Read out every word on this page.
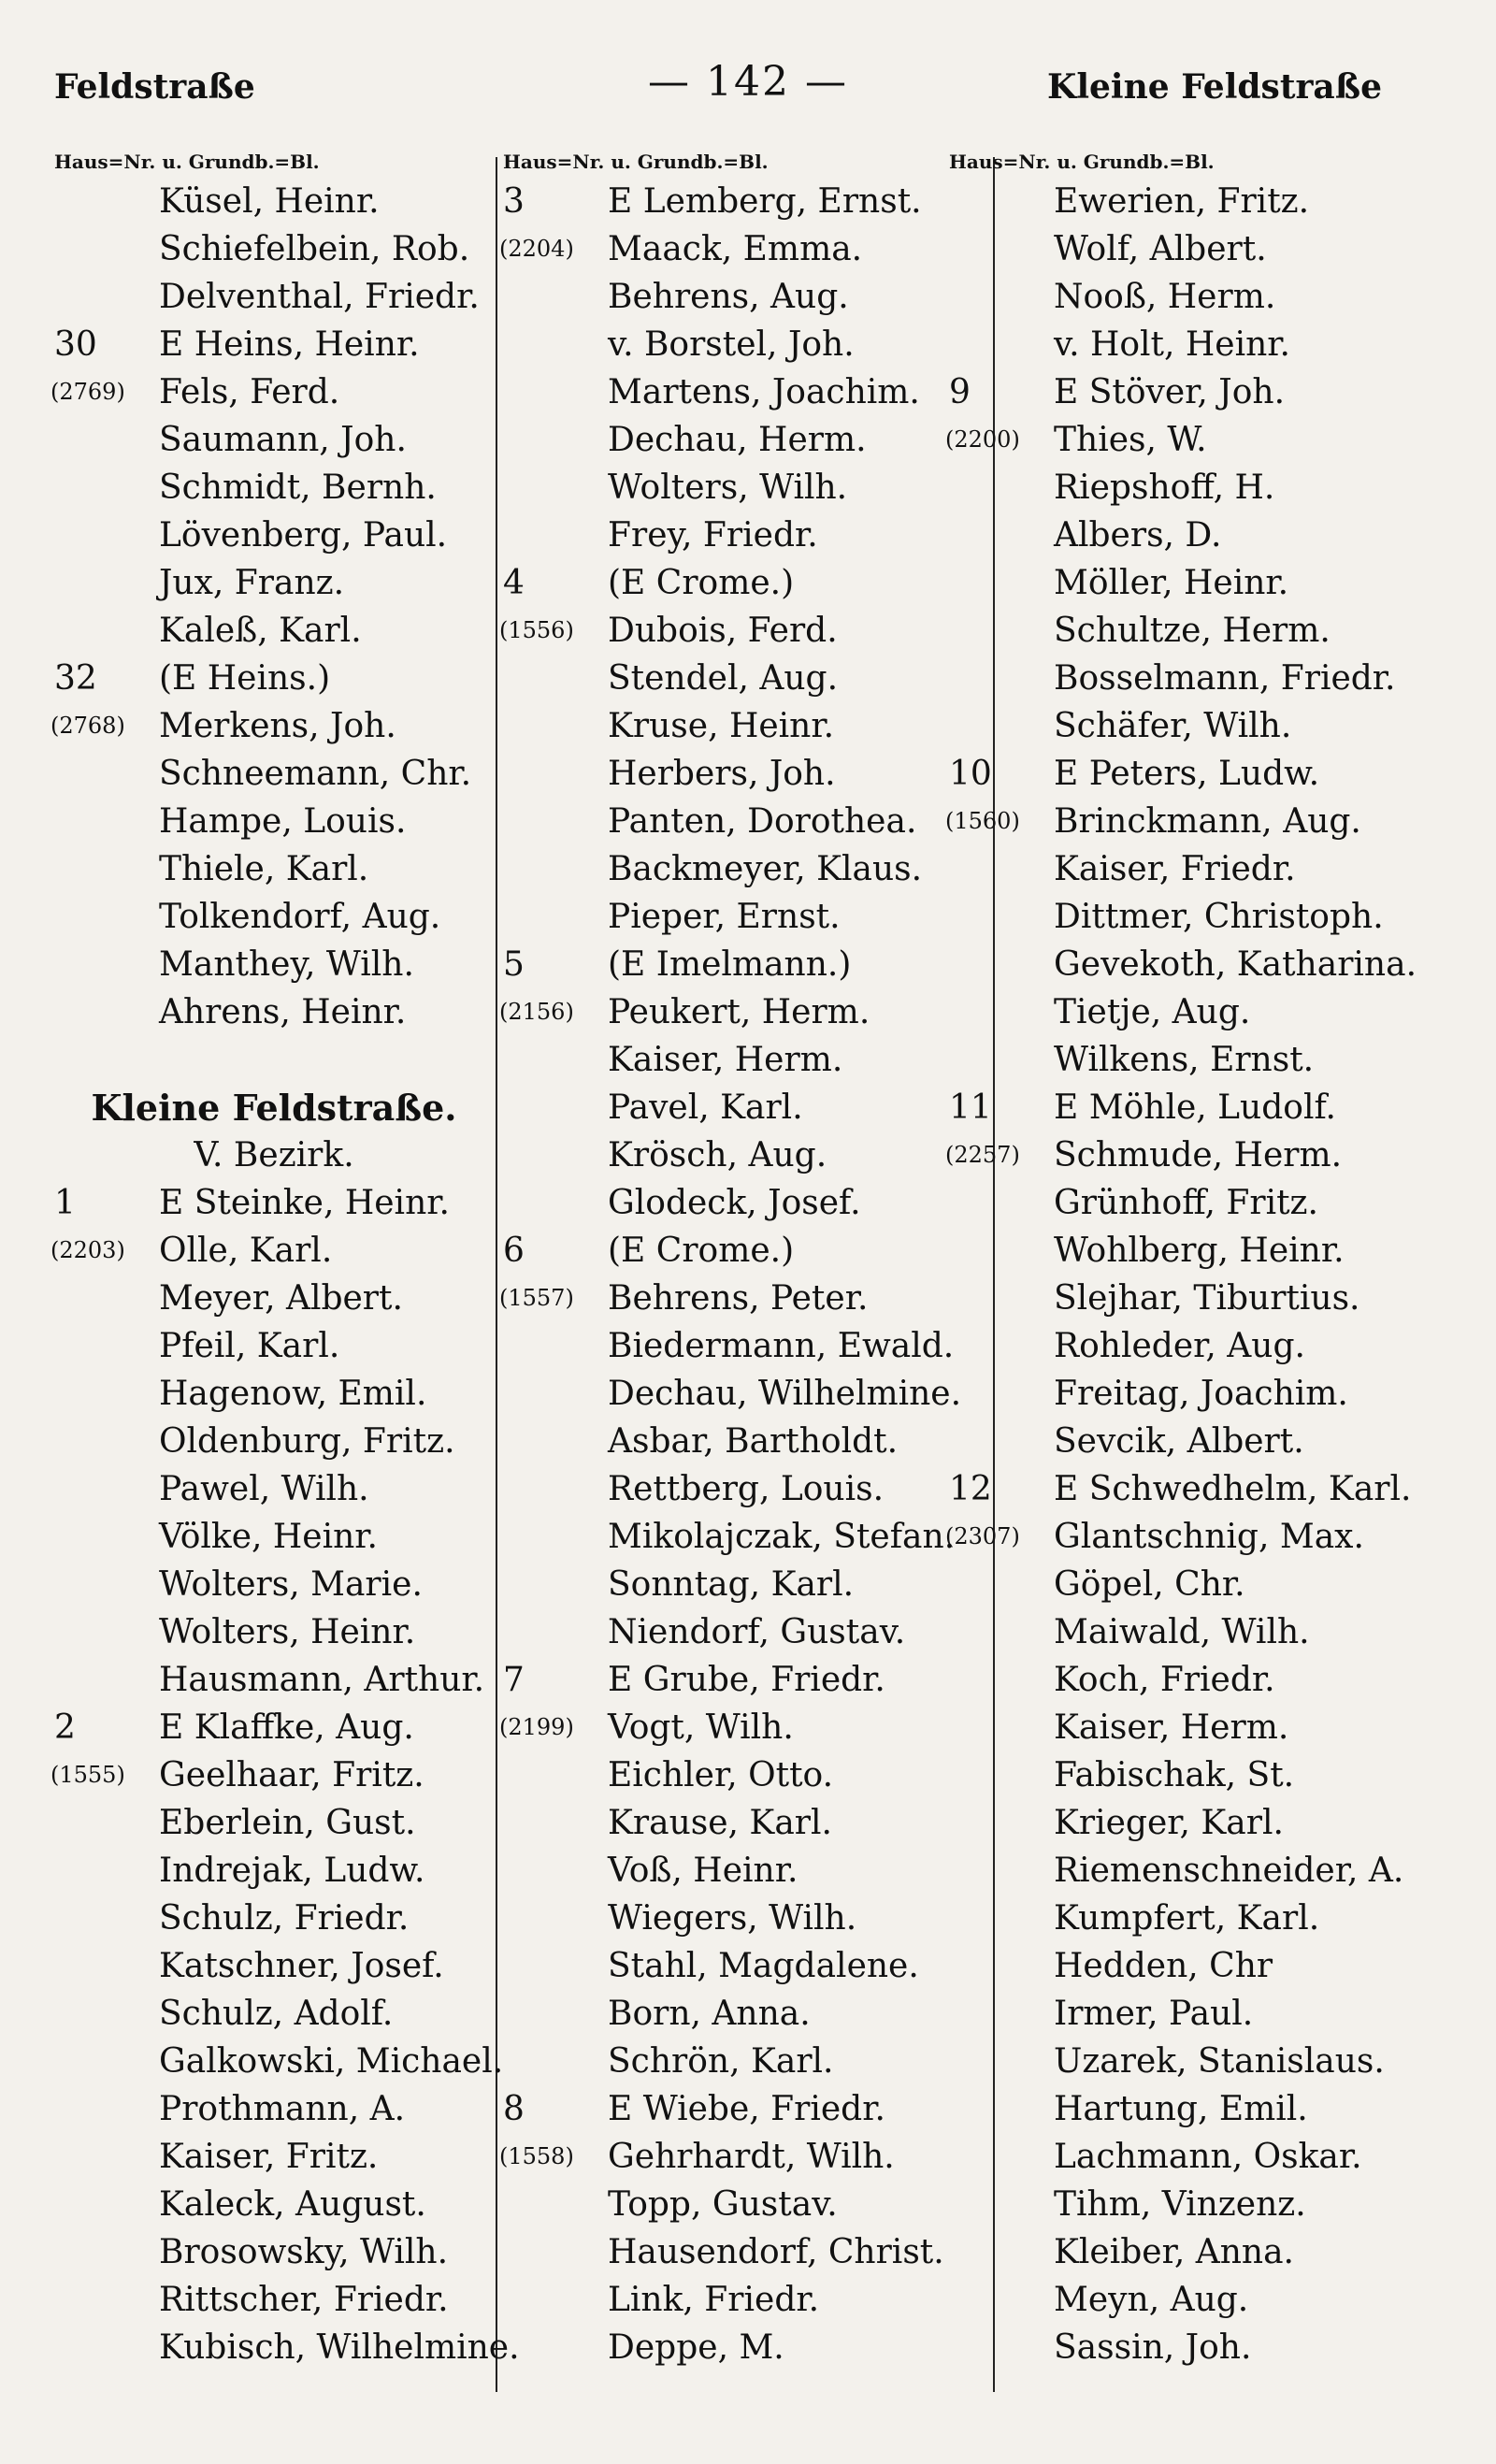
Feldstraße	— 142 —	Kleine Feldstraße
Haus=Nr. u. Grundb.=Bl.
Küsel, Heinr.
Schiefelbein, Rob.
Delventhal, Friedr.
30	E Heins, Heinr.
(2769) Fels, Ferd.
Saumann, Joh.
Schmidt, Bernh.
Lövenberg, Paul.
Jux, Franz.
Kaleß, Karl.
32	(E Heins.)
(2768) Merkens, Joh.
Schneemann, Chr.
Hampe, Louis.
Thiele, Karl.
Tolkendorf, Aug.
Manthey, Wilh.
Ahrens, Heinr.
Kleine Feldstraße.
V. Bezirk.
1	E Steinke, Heinr.
(2203) Olle, Karl.
Meyer, Albert.
Pfeil, Karl.
Hagenow, Emil.
Oldenburg, Fritz.
Pawel, Wilh.
Völke, Heinr.
Wolters, Marie.
Wolters, Heinr.
Hausmann, Arthur.
2	E Klaffke, Aug.
(1555) Geelhaar, Fritz.
Eberlein, Gust.
Indrejak, Ludw.
Schulz, Friedr.
Katschner, Josef.
Schulz, Adolf.
Galkowski, Michael.
Prothmann, A.
Kaiser, Fritz.
Kaleck, August.
Brosowsky, Wilh.
Rittscher, Friedr.
Kubisch, Wilhelmine.
Haus=Nr. u. Grundb.=Bl.
3	E Lemberg, Ernst.
(2204) Maack, Emma.
Behrens, Aug.
v. Borstel, Joh.
Martens, Joachim.
Dechau, Herm.
Wolters, Wilh.
Frey, Friedr.
4	(E Crome.)
(1556) Dubois, Ferd.
Stendel, Aug.
Kruse, Heinr.
Herbers, Joh.
Panten, Dorothea.
Backmeyer, Klaus.
Pieper, Ernst.
5	(E Imelmann.)
(2156) Peukert, Herm.
Kaiser, Herm.
Pavel, Karl.
Krösch, Aug.
Glodeck, Josef.
6	(E Crome.)
(1557) Behrens, Peter.
Biedermann, Ewald.
Dechau, Wilhelmine.
Asbar, Bartholdt.
Rettberg, Louis.
Mikolajczak, Stefan.
Sonntag, Karl.
Niendorf, Gustav.
7	E Grube, Friedr.
(2199) Vogt, Wilh.
Eichler, Otto.
Krause, Karl.
Voß, Heinr.
Wiegers, Wilh.
Stahl, Magdalene.
Born, Anna.
Schrön, Karl.
8	E Wiebe, Friedr.
(1558) Gehrhardt, Wilh.
Topp, Gustav.
Hausendorf, Christ.
Link, Friedr.
Deppe, M.
Haus=Nr. u. Grundb.=Bl.
Ewerien, Fritz.
Wolf, Albert.
Nooß, Herm.
v. Holt, Heinr.
9	E Stöver, Joh.
(2200) Thies, W.
Riepshoff, H.
Albers, D.
Möller, Heinr.
Schultze, Herm.
Bosselmann, Friedr.
Schäfer, Wilh.
10	E Peters, Ludw.
(1560) Brinckmann, Aug.
Kaiser, Friedr.
Dittmer, Christoph.
Gevekoth, Katharina.
Tietje, Aug.
Wilkens, Ernst.
11	E Möhle, Ludolf.
(2257) Schmude, Herm.
Grünhoff, Fritz.
Wohlberg, Heinr.
Slejhar, Tiburtius.
Rohleder, Aug.
Freitag, Joachim.
Sevcik, Albert.
12	E Schwedhelm, Karl.
(2307) Glantschnig, Max.
Göpel, Chr.
Maiwald, Wilh.
Koch, Friedr.
Kaiser, Herm.
Fabischak, St.
Krieger, Karl.
Riemenschneider, A.
Kumpfert, Karl.
Hedden, Chr
Irmer, Paul.
Uzarek, Stanislaus.
Hartung, Emil.
Lachmann, Oskar.
Tihm, Vinzenz.
Kleiber, Anna.
Meyn, Aug.
Sassin, Joh.
